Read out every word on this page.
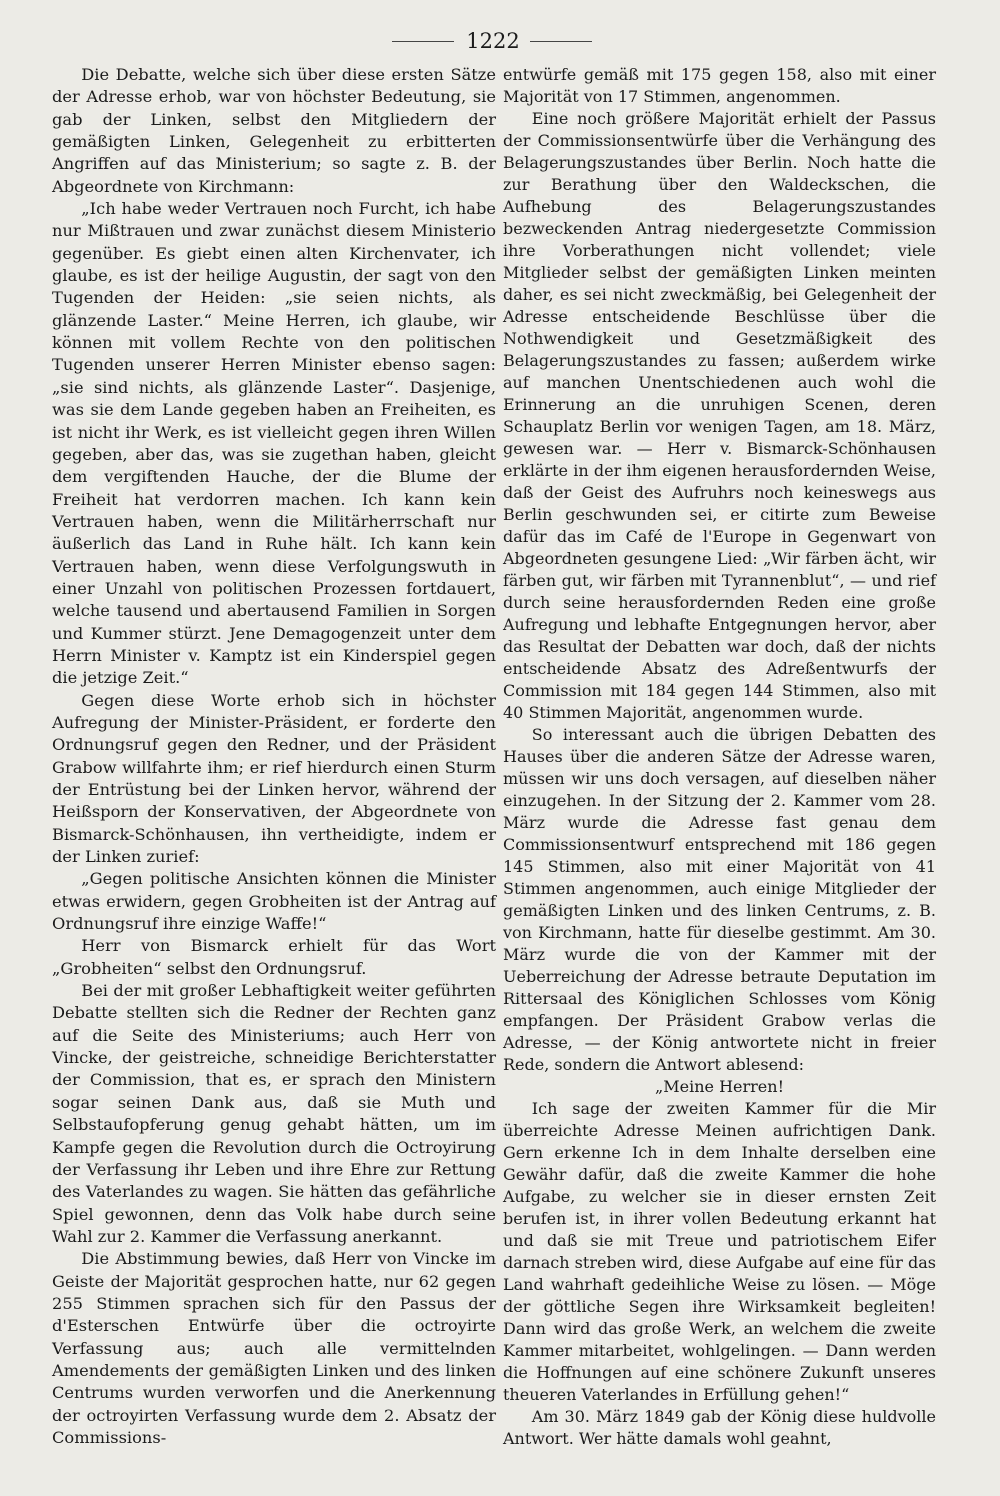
1222

Die Debatte, welche sich über diese ersten Sätze der Adresse erhob, war von höchster Bedeutung, sie gab der Linken, selbst den Mitgliedern der gemäßigten Linken, Gelegenheit zu erbitterten Angriffen auf das Ministerium; so sagte z. B. der Abgeordnete von Kirchmann:

„Ich habe weder Vertrauen noch Furcht, ich habe nur Mißtrauen und zwar zunächst diesem Ministerio gegenüber. Es giebt einen alten Kirchenvater, ich glaube, es ist der heilige Augustin, der sagt von den Tugenden der Heiden: „sie seien nichts, als glänzende Laster.“ Meine Herren, ich glaube, wir können mit vollem Rechte von den politischen Tugenden unserer Herren Minister ebenso sagen: „sie sind nichts, als glänzende Laster“. Dasjenige, was sie dem Lande gegeben haben an Freiheiten, es ist nicht ihr Werk, es ist vielleicht gegen ihren Willen gegeben, aber das, was sie zugethan haben, gleicht dem vergiftenden Hauche, der die Blume der Freiheit hat verdorren machen. Ich kann kein Vertrauen haben, wenn die Militärherrschaft nur äußerlich das Land in Ruhe hält. Ich kann kein Vertrauen haben, wenn diese Verfolgungswuth in einer Unzahl von politischen Prozessen fortdauert, welche tausend und abertausend Familien in Sorgen und Kummer stürzt. Jene Demagogenzeit unter dem Herrn Minister v. Kamptz ist ein Kinderspiel gegen die jetzige Zeit.“

Gegen diese Worte erhob sich in höchster Aufregung der Minister-Präsident, er forderte den Ordnungsruf gegen den Redner, und der Präsident Grabow willfahrte ihm; er rief hierdurch einen Sturm der Entrüstung bei der Linken hervor, während der Heißsporn der Konservativen, der Abgeordnete von Bismarck-Schönhausen, ihn vertheidigte, indem er der Linken zurief:

„Gegen politische Ansichten können die Minister etwas erwidern, gegen Grobheiten ist der Antrag auf Ordnungsruf ihre einzige Waffe!“

Herr von Bismarck erhielt für das Wort „Grobheiten“ selbst den Ordnungsruf.

Bei der mit großer Lebhaftigkeit weiter geführten Debatte stellten sich die Redner der Rechten ganz auf die Seite des Ministeriums; auch Herr von Vincke, der geistreiche, schneidige Berichterstatter der Commission, that es, er sprach den Ministern sogar seinen Dank aus, daß sie Muth und Selbstaufopferung genug gehabt hätten, um im Kampfe gegen die Revolution durch die Octroyirung der Verfassung ihr Leben und ihre Ehre zur Rettung des Vaterlandes zu wagen. Sie hätten das gefährliche Spiel gewonnen, denn das Volk habe durch seine Wahl zur 2. Kammer die Verfassung anerkannt.

Die Abstimmung bewies, daß Herr von Vincke im Geiste der Majorität gesprochen hatte, nur 62 gegen 255 Stimmen sprachen sich für den Passus der d'Esterschen Entwürfe über die octroyirte Verfassung aus; auch alle vermittelnden Amendements der gemäßigten Linken und des linken Centrums wurden verworfen und die Anerkennung der octroyirten Verfassung wurde dem 2. Absatz der Commissions-

entwürfe gemäß mit 175 gegen 158, also mit einer Majorität von 17 Stimmen, angenommen.

Eine noch größere Majorität erhielt der Passus der Commissionsentwürfe über die Verhängung des Belagerungszustandes über Berlin. Noch hatte die zur Berathung über den Waldeckschen, die Aufhebung des Belagerungszustandes bezweckenden Antrag niedergesetzte Commission ihre Vorberathungen nicht vollendet; viele Mitglieder selbst der gemäßigten Linken meinten daher, es sei nicht zweckmäßig, bei Gelegenheit der Adresse entscheidende Beschlüsse über die Nothwendigkeit und Gesetzmäßigkeit des Belagerungszustandes zu fassen; außerdem wirke auf manchen Unentschiedenen auch wohl die Erinnerung an die unruhigen Scenen, deren Schauplatz Berlin vor wenigen Tagen, am 18. März, gewesen war. — Herr v. Bismarck-Schönhausen erklärte in der ihm eigenen herausfordernden Weise, daß der Geist des Aufruhrs noch keineswegs aus Berlin geschwunden sei, er citirte zum Beweise dafür das im Café de l'Europe in Gegenwart von Abgeordneten gesungene Lied: „Wir färben ächt, wir färben gut, wir färben mit Tyrannenblut“, — und rief durch seine herausfordernden Reden eine große Aufregung und lebhafte Entgegnungen hervor, aber das Resultat der Debatten war doch, daß der nichts entscheidende Absatz des Adreßentwurfs der Commission mit 184 gegen 144 Stimmen, also mit 40 Stimmen Majorität, angenommen wurde.

So interessant auch die übrigen Debatten des Hauses über die anderen Sätze der Adresse waren, müssen wir uns doch versagen, auf dieselben näher einzugehen. In der Sitzung der 2. Kammer vom 28. März wurde die Adresse fast genau dem Commissionsentwurf entsprechend mit 186 gegen 145 Stimmen, also mit einer Majorität von 41 Stimmen angenommen, auch einige Mitglieder der gemäßigten Linken und des linken Centrums, z. B. von Kirchmann, hatte für dieselbe gestimmt. Am 30. März wurde die von der Kammer mit der Ueberreichung der Adresse betraute Deputation im Rittersaal des Königlichen Schlosses vom König empfangen. Der Präsident Grabow verlas die Adresse, — der König antwortete nicht in freier Rede, sondern die Antwort ablesend:

„Meine Herren!

Ich sage der zweiten Kammer für die Mir überreichte Adresse Meinen aufrichtigen Dank. Gern erkenne Ich in dem Inhalte derselben eine Gewähr dafür, daß die zweite Kammer die hohe Aufgabe, zu welcher sie in dieser ernsten Zeit berufen ist, in ihrer vollen Bedeutung erkannt hat und daß sie mit Treue und patriotischem Eifer darnach streben wird, diese Aufgabe auf eine für das Land wahrhaft gedeihliche Weise zu lösen. — Möge der göttliche Segen ihre Wirksamkeit begleiten! Dann wird das große Werk, an welchem die zweite Kammer mitarbeitet, wohlgelingen. — Dann werden die Hoffnungen auf eine schönere Zukunft unseres theueren Vaterlandes in Erfüllung gehen!“

Am 30. März 1849 gab der König diese huldvolle Antwort. Wer hätte damals wohl geahnt,
